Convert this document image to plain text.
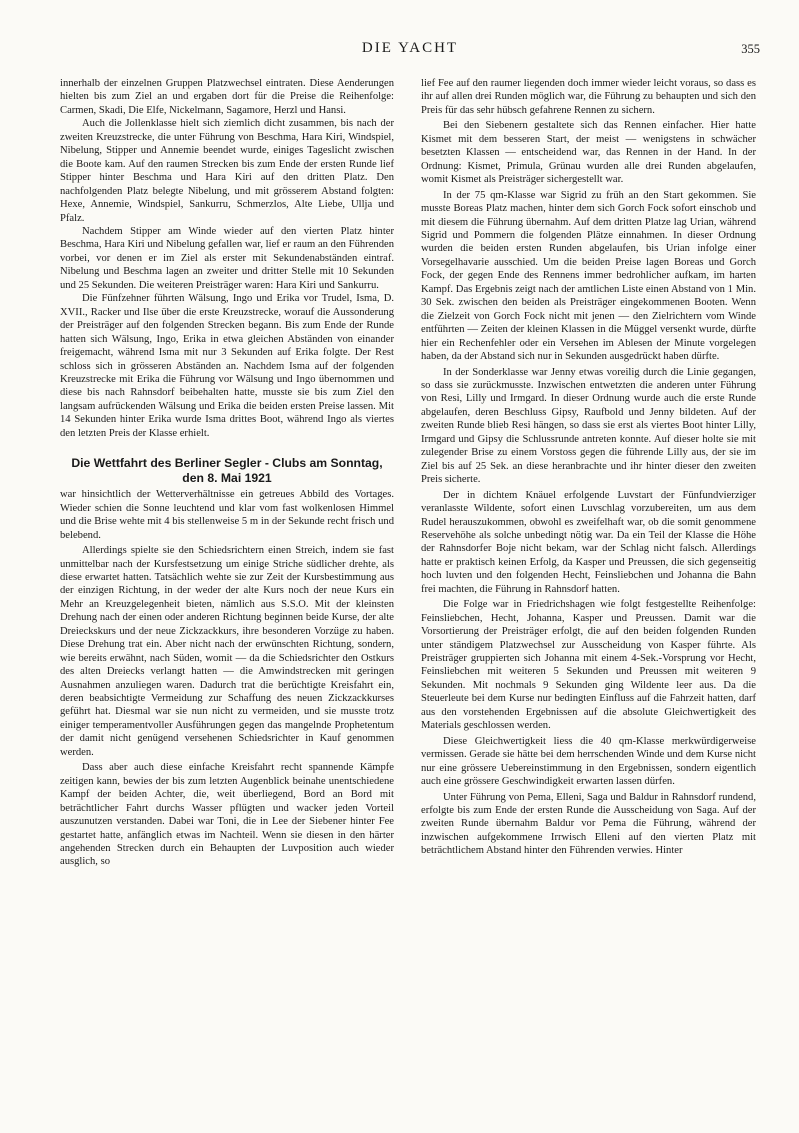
DIE YACHT	355

innerhalb der einzelnen Gruppen Platzwechsel eintraten. Diese Aenderungen hielten bis zum Ziel an und ergaben dort für die Preise die Reihenfolge: Carmen, Skadi, Die Elfe, Nickelmann, Sagamore, Herzl und Hansi.

Auch die Jollenklasse hielt sich ziemlich dicht zusammen, bis nach der zweiten Kreuzstrecke, die unter Führung von Beschma, Hara Kiri, Windspiel, Nibelung, Stipper und Annemie beendet wurde, einiges Tageslicht zwischen die Boote kam. Auf den raumen Strecken bis zum Ende der ersten Runde lief Stipper hinter Beschma und Hara Kiri auf den dritten Platz. Den nachfolgenden Platz belegte Nibelung, und mit grösserem Abstand folgten: Hexe, Annemie, Windspiel, Sankurru, Schmerzlos, Alte Liebe, Ullja und Pfalz.

Nachdem Stipper am Winde wieder auf den vierten Platz hinter Beschma, Hara Kiri und Nibelung gefallen war, lief er raum an den Führenden vorbei, vor denen er im Ziel als erster mit Sekundenabständen eintraf. Nibelung und Beschma lagen an zweiter und dritter Stelle mit 10 Sekunden und 25 Sekunden. Die weiteren Preisträger waren: Hara Kiri und Sankurru.

Die Fünfzehner führten Wälsung, Ingo und Erika vor Trudel, Isma, D. XVII., Racker und Ilse über die erste Kreuzstrecke, worauf die Aussonderung der Preisträger auf den folgenden Strecken begann. Bis zum Ende der Runde hatten sich Wälsung, Ingo, Erika in etwa gleichen Abständen von einander freigemacht, während Isma mit nur 3 Sekunden auf Erika folgte. Der Rest schloss sich in grösseren Abständen an. Nachdem Isma auf der folgenden Kreuzstrecke mit Erika die Führung vor Wälsung und Ingo übernommen und diese bis nach Rahnsdorf beibehalten hatte, musste sie bis zum Ziel den langsam aufrückenden Wälsung und Erika die beiden ersten Preise lassen. Mit 14 Sekunden hinter Erika wurde Isma drittes Boot, während Ingo als viertes den letzten Preis der Klasse erhielt.

Die Wettfahrt des Berliner Segler - Clubs am Sonntag, den 8. Mai 1921

war hinsichtlich der Wetterverhältnisse ein getreues Abbild des Vortages. Wieder schien die Sonne leuchtend und klar vom fast wolkenlosen Himmel und die Brise wehte mit 4 bis stellenweise 5 m in der Sekunde recht frisch und belebend.

Allerdings spielte sie den Schiedsrichtern einen Streich, indem sie fast unmittelbar nach der Kursfestsetzung um einige Striche südlicher drehte, als diese erwartet hatten. Tatsächlich wehte sie zur Zeit der Kursbestimmung aus der einzigen Richtung, in der weder der alte Kurs noch der neue Kurs ein Mehr an Kreuzgelegenheit bieten, nämlich aus S.S.O. Mit der kleinsten Drehung nach der einen oder anderen Richtung beginnen beide Kurse, der alte Dreieckskurs und der neue Zickzackkurs, ihre besonderen Vorzüge zu haben. Diese Drehung trat ein. Aber nicht nach der erwünschten Richtung, sondern, wie bereits erwähnt, nach Süden, womit — da die Schiedsrichter den Ostkurs des alten Dreiecks verlangt hatten — die Amwindstrecken mit geringen Ausnahmen anzuliegen waren. Dadurch trat die berüchtigte Kreisfahrt ein, deren beabsichtigte Vermeidung zur Schaffung des neuen Zickzackkurses geführt hat. Diesmal war sie nun nicht zu vermeiden, und sie musste trotz einiger temperamentvoller Ausführungen gegen das mangelnde Prophetentum der damit nicht genügend versehenen Schiedsrichter in Kauf genommen werden.

Dass aber auch diese einfache Kreisfahrt recht spannende Kämpfe zeitigen kann, bewies der bis zum letzten Augenblick beinahe unentschiedene Kampf der beiden Achter, die, weit überliegend, Bord an Bord mit beträchtlicher Fahrt durchs Wasser pflügten und wacker jeden Vorteil auszunutzen verstanden. Dabei war Toni, die in Lee der Siebener hinter Fee gestartet hatte, anfänglich etwas im Nachteil. Wenn sie diesen in den härter angehenden Strecken durch ein Behaupten der Luvposition auch wieder ausglich, so

lief Fee auf den raumer liegenden doch immer wieder leicht voraus, so dass es ihr auf allen drei Runden möglich war, die Führung zu behaupten und sich den Preis für das sehr hübsch gefahrene Rennen zu sichern.

Bei den Siebenern gestaltete sich das Rennen einfacher. Hier hatte Kismet mit dem besseren Start, der meist — wenigstens in schwächer besetzten Klassen — entscheidend war, das Rennen in der Hand. In der Ordnung: Kismet, Primula, Grünau wurden alle drei Runden abgelaufen, womit Kismet als Preisträger sichergestellt war.

In der 75 qm-Klasse war Sigrid zu früh an den Start gekommen. Sie musste Boreas Platz machen, hinter dem sich Gorch Fock sofort einschob und mit diesem die Führung übernahm. Auf dem dritten Platze lag Urian, während Sigrid und Pommern die folgenden Plätze einnahmen. In dieser Ordnung wurden die beiden ersten Runden abgelaufen, bis Urian infolge einer Vorsegelhavarie ausschied. Um die beiden Preise lagen Boreas und Gorch Fock, der gegen Ende des Rennens immer bedrohlicher aufkam, im harten Kampf. Das Ergebnis zeigt nach der amtlichen Liste einen Abstand von 1 Min. 30 Sek. zwischen den beiden als Preisträger eingekommenen Booten. Wenn die Zielzeit von Gorch Fock nicht mit jenen — den Zielrichtern vom Winde entführten — Zeiten der kleinen Klassen in die Müggel versenkt wurde, dürfte hier ein Rechenfehler oder ein Versehen im Ablesen der Minute vorgelegen haben, da der Abstand sich nur in Sekunden ausgedrückt haben dürfte.

In der Sonderklasse war Jenny etwas voreilig durch die Linie gegangen, so dass sie zurückmusste. Inzwischen entwetzten die anderen unter Führung von Resi, Lilly und Irmgard. In dieser Ordnung wurde auch die erste Runde abgelaufen, deren Beschluss Gipsy, Raufbold und Jenny bildeten. Auf der zweiten Runde blieb Resi hängen, so dass sie erst als viertes Boot hinter Lilly, Irmgard und Gipsy die Schlussrunde antreten konnte. Auf dieser holte sie mit zulegender Brise zu einem Vorstoss gegen die führende Lilly aus, der sie im Ziel bis auf 25 Sek. an diese heranbrachte und ihr hinter dieser den zweiten Preis sicherte.

Der in dichtem Knäuel erfolgende Luvstart der Fünfundvierziger veranlasste Wildente, sofort einen Luvschlag vorzubereiten, um aus dem Rudel herauszukommen, obwohl es zweifelhaft war, ob die somit genommene Reservehöhe als solche unbedingt nötig war. Da ein Teil der Klasse die Höhe der Rahnsdorfer Boje nicht bekam, war der Schlag nicht falsch. Allerdings hatte er praktisch keinen Erfolg, da Kasper und Preussen, die sich gegenseitig hoch luvten und den folgenden Hecht, Feinsliebchen und Johanna die Bahn frei machten, die Führung in Rahnsdorf hatten.

Die Folge war in Friedrichshagen wie folgt festgestellte Reihenfolge: Feinsliebchen, Hecht, Johanna, Kasper und Preussen. Damit war die Vorsortierung der Preisträger erfolgt, die auf den beiden folgenden Runden unter ständigem Platzwechsel zur Ausscheidung von Kasper führte. Als Preisträger gruppierten sich Johanna mit einem 4-Sek.-Vorsprung vor Hecht, Feinsliebchen mit weiteren 5 Sekunden und Preussen mit weiteren 9 Sekunden. Mit nochmals 9 Sekunden ging Wildente leer aus. Da die Steuerleute bei dem Kurse nur bedingten Einfluss auf die Fahrzeit hatten, darf aus den vorstehenden Ergebnissen auf die absolute Gleichwertigkeit des Materials geschlossen werden.

Diese Gleichwertigkeit liess die 40 qm-Klasse merkwürdigerweise vermissen. Gerade sie hätte bei dem herrschenden Winde und dem Kurse nicht nur eine grössere Uebereinstimmung in den Ergebnissen, sondern eigentlich auch eine grössere Geschwindigkeit erwarten lassen dürfen.

Unter Führung von Pema, Elleni, Saga und Baldur in Rahnsdorf rundend, erfolgte bis zum Ende der ersten Runde die Ausscheidung von Saga. Auf der zweiten Runde übernahm Baldur vor Pema die Führung, während der inzwischen aufgekommene Irrwisch Elleni auf den vierten Platz mit beträchtlichem Abstand hinter den Führenden verwies. Hinter
